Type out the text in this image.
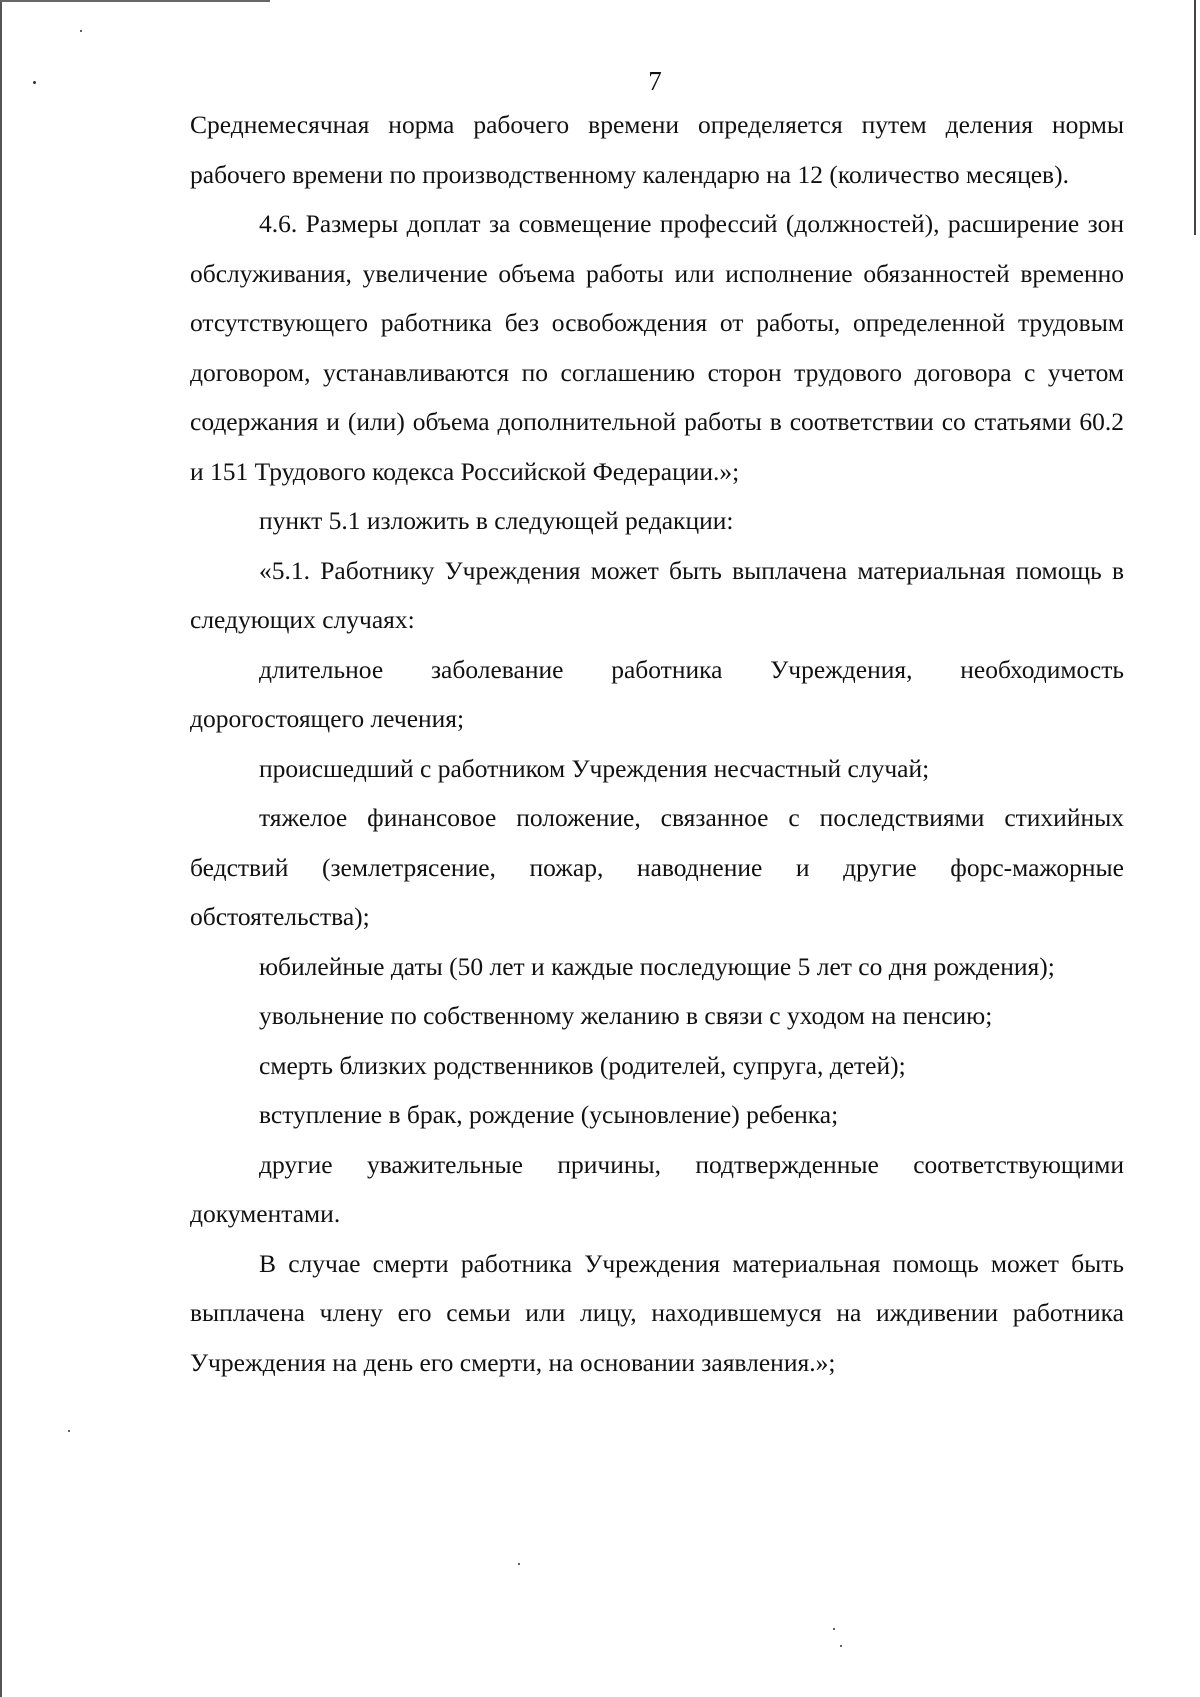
7

Среднемесячная норма рабочего времени определяется путем деления нормы рабочего времени по производственному календарю на 12 (количество месяцев).

4.6. Размеры доплат за совмещение профессий (должностей), расширение зон обслуживания, увеличение объема работы или исполнение обязанностей временно отсутствующего работника без освобождения от работы, определенной трудовым договором, устанавливаются по соглашению сторон трудового договора с учетом содержания и (или) объема дополнительной работы в соответствии со статьями 60.2 и 151 Трудового кодекса Российской Федерации.»;

пункт 5.1 изложить в следующей редакции:

«5.1. Работнику Учреждения может быть выплачена материальная помощь в следующих случаях:

длительное заболевание работника Учреждения, необходимость дорогостоящего лечения;

происшедший с работником Учреждения несчастный случай;

тяжелое финансовое положение, связанное с последствиями стихийных бедствий (землетрясение, пожар, наводнение и другие форс-мажорные обстоятельства);

юбилейные даты (50 лет и каждые последующие 5 лет со дня рождения);

увольнение по собственному желанию в связи с уходом на пенсию;

смерть близких родственников (родителей, супруга, детей);

вступление в брак, рождение (усыновление) ребенка;

другие уважительные причины, подтвержденные соответствующими документами.

В случае смерти работника Учреждения материальная помощь может быть выплачена члену его семьи или лицу, находившемуся на иждивении работника Учреждения на день его смерти, на основании заявления.»;
